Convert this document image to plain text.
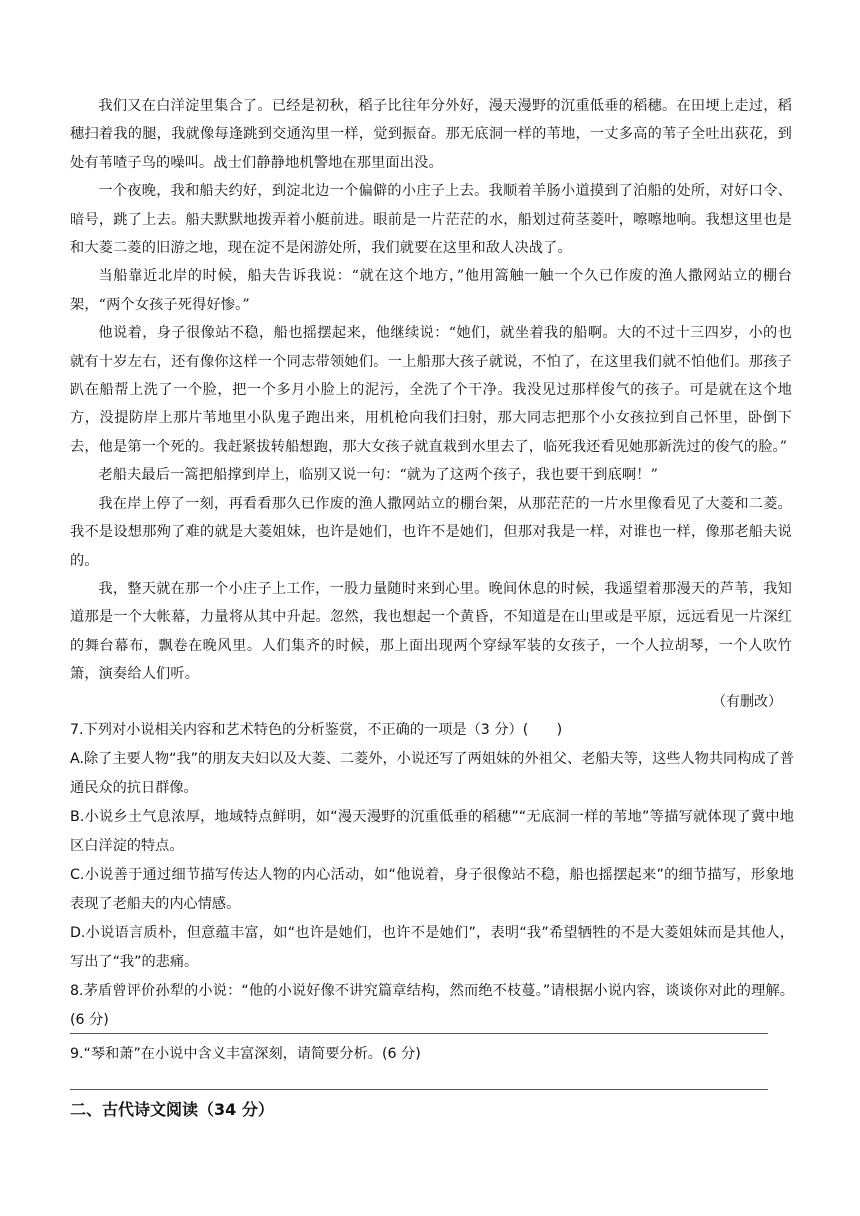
我们又在白洋淀里集合了。已经是初秋，稻子比往年分外好，漫天漫野的沉重低垂的稻穗。在田埂上走过，稻穗扫着我的腿，我就像每逢跳到交通沟里一样，觉到振奋。那无底洞一样的苇地，一丈多高的苇子全吐出荻花，到处有苇喳子鸟的噪叫。战士们静静地机警地在那里面出没。

一个夜晚，我和船夫约好，到淀北边一个偏僻的小庄子上去。我顺着羊肠小道摸到了泊船的处所，对好口令、暗号，跳了上去。船夫默默地拨弄着小艇前进。眼前是一片茫茫的水，船划过荷茎菱叶，嚓嚓地响。我想这里也是和大菱二菱的旧游之地，现在淀不是闲游处所，我们就要在这里和敌人决战了。

当船靠近北岸的时候，船夫告诉我说：“就在这个地方，”他用篙触一触一个久已作废的渔人撒网站立的棚台架，“两个女孩子死得好惨。”

他说着，身子很像站不稳，船也摇摆起来，他继续说：“她们，就坐着我的船啊。大的不过十三四岁，小的也就有十岁左右，还有像你这样一个同志带领她们。一上船那大孩子就说，不怕了，在这里我们就不怕他们。那孩子趴在船帮上洗了一个脸，把一个多月小脸上的泥污，全洗了个干净。我没见过那样俊气的孩子。可是就在这个地方，没提防岸上那片苇地里小队鬼子跑出来，用机枪向我们扫射，那大同志把那个小女孩拉到自己怀里，卧倒下去，他是第一个死的。我赶紧拔转船想跑，那大女孩子就直栽到水里去了，临死我还看见她那新洗过的俊气的脸。”

老船夫最后一篙把船撑到岸上，临别又说一句：“就为了这两个孩子，我也要干到底啊！”

我在岸上停了一刻，再看看那久已作废的渔人撒网站立的棚台架，从那茫茫的一片水里像看见了大菱和二菱。我不是设想那殉了难的就是大菱姐妹，也许是她们，也许不是她们，但那对我是一样，对谁也一样，像那老船夫说的。

我，整天就在那一个小庄子上工作，一股力量随时来到心里。晚间休息的时候，我遥望着那漫天的芦苇，我知道那是一个大帐幕，力量将从其中升起。忽然，我也想起一个黄昏，不知道是在山里或是平原，远远看见一片深红的舞台幕布，飘卷在晚风里。人们集齐的时候，那上面出现两个穿绿军装的女孩子，一个人拉胡琴，一个人吹竹箫，演奏给人们听。

（有删改）

7.下列对小说相关内容和艺术特色的分析鉴赏，不正确的一项是（3 分）(　　)

A.除了主要人物“我”的朋友夫妇以及大菱、二菱外，小说还写了两姐妹的外祖父、老船夫等，这些人物共同构成了普通民众的抗日群像。

B.小说乡土气息浓厚，地域特点鲜明，如“漫天漫野的沉重低垂的稻穗”“无底洞一样的苇地”等描写就体现了冀中地区白洋淀的特点。

C.小说善于通过细节描写传达人物的内心活动，如“他说着，身子很像站不稳，船也摇摆起来”的细节描写，形象地表现了老船夫的内心情感。

D.小说语言质朴，但意蕴丰富，如“也许是她们，也许不是她们”，表明“我”希望牺牲的不是大菱姐妹而是其他人，写出了“我”的悲痛。

8.茅盾曾评价孙犁的小说：“他的小说好像不讲究篇章结构，然而绝不枝蔓。”请根据小说内容，谈谈你对此的理解。(6 分)

9.“琴和萧”在小说中含义丰富深刻，请简要分析。(6 分)

二、古代诗文阅读（34 分）
